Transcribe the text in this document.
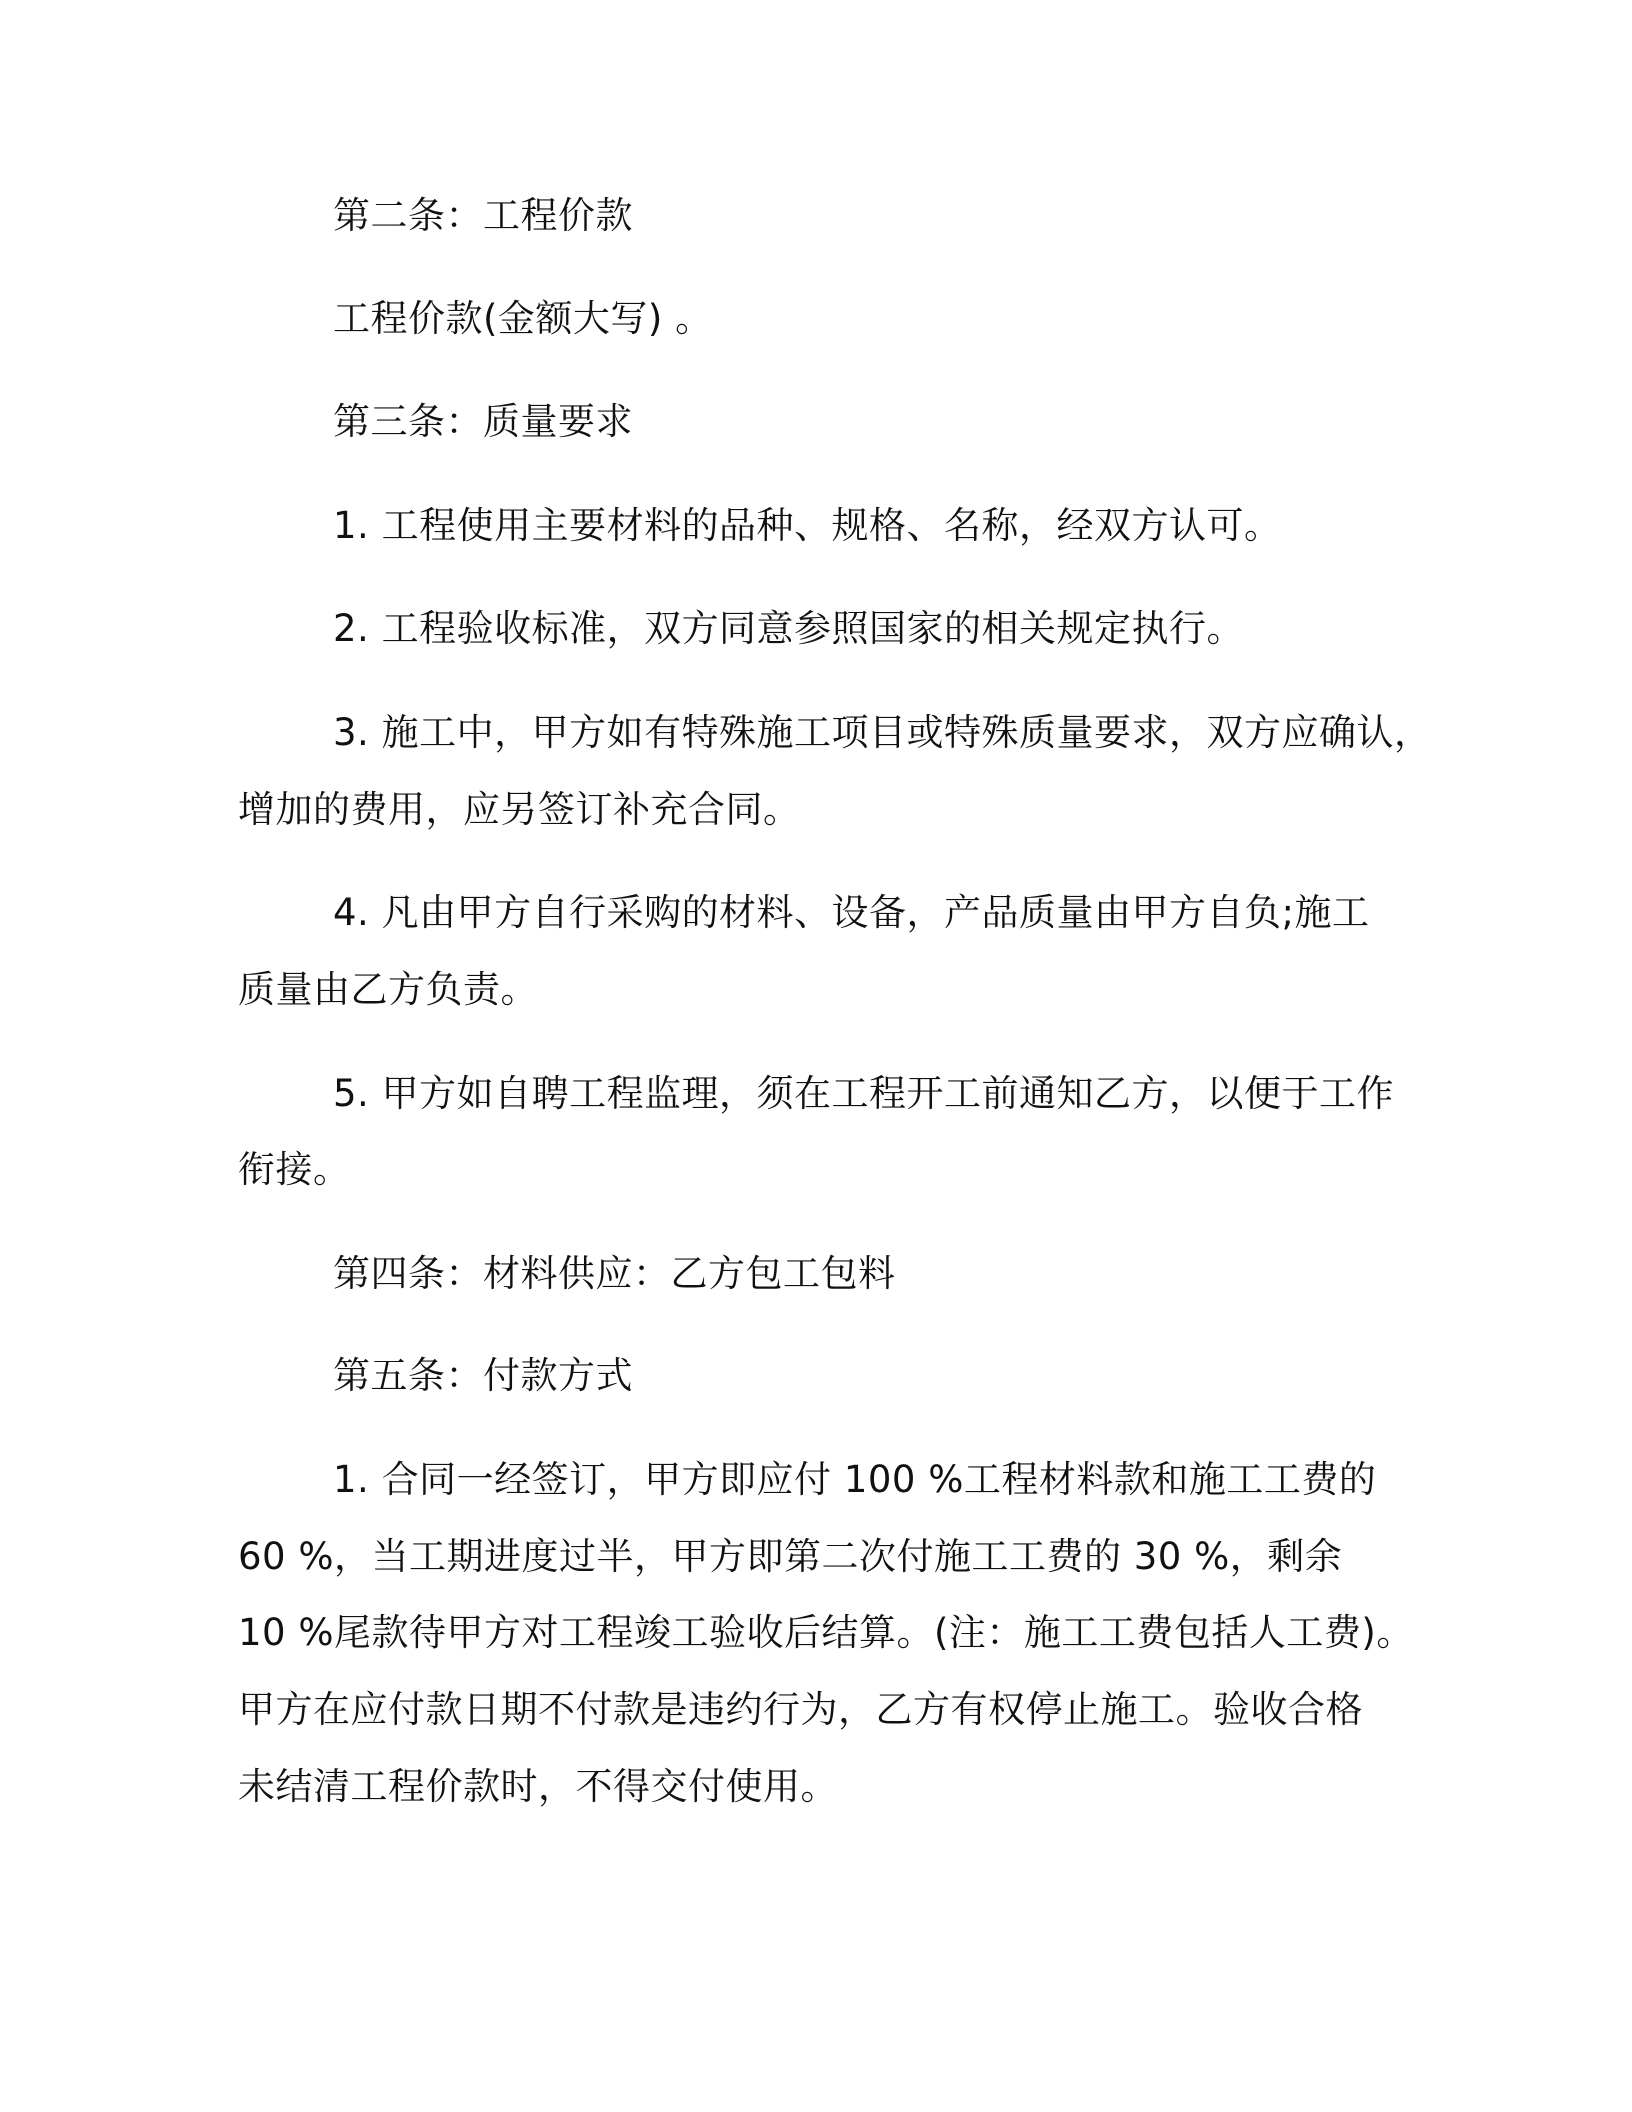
第二条：工程价款
工程价款(金额大写) 。
第三条：质量要求
1. 工程使用主要材料的品种、规格、名称，经双方认可。
2. 工程验收标准，双方同意参照国家的相关规定执行。
3. 施工中，甲方如有特殊施工项目或特殊质量要求，双方应确认，
增加的费用，应另签订补充合同。
4. 凡由甲方自行采购的材料、设备，产品质量由甲方自负;施工
质量由乙方负责。
5. 甲方如自聘工程监理，须在工程开工前通知乙方，以便于工作
衔接。
第四条：材料供应：乙方包工包料
第五条：付款方式
1. 合同一经签订，甲方即应付 100 %工程材料款和施工工费的
60 %，当工期进度过半，甲方即第二次付施工工费的 30 %，剩余
10 %尾款待甲方对工程竣工验收后结算。(注：施工工费包括人工费)。
甲方在应付款日期不付款是违约行为，乙方有权停止施工。验收合格
未结清工程价款时，不得交付使用。
